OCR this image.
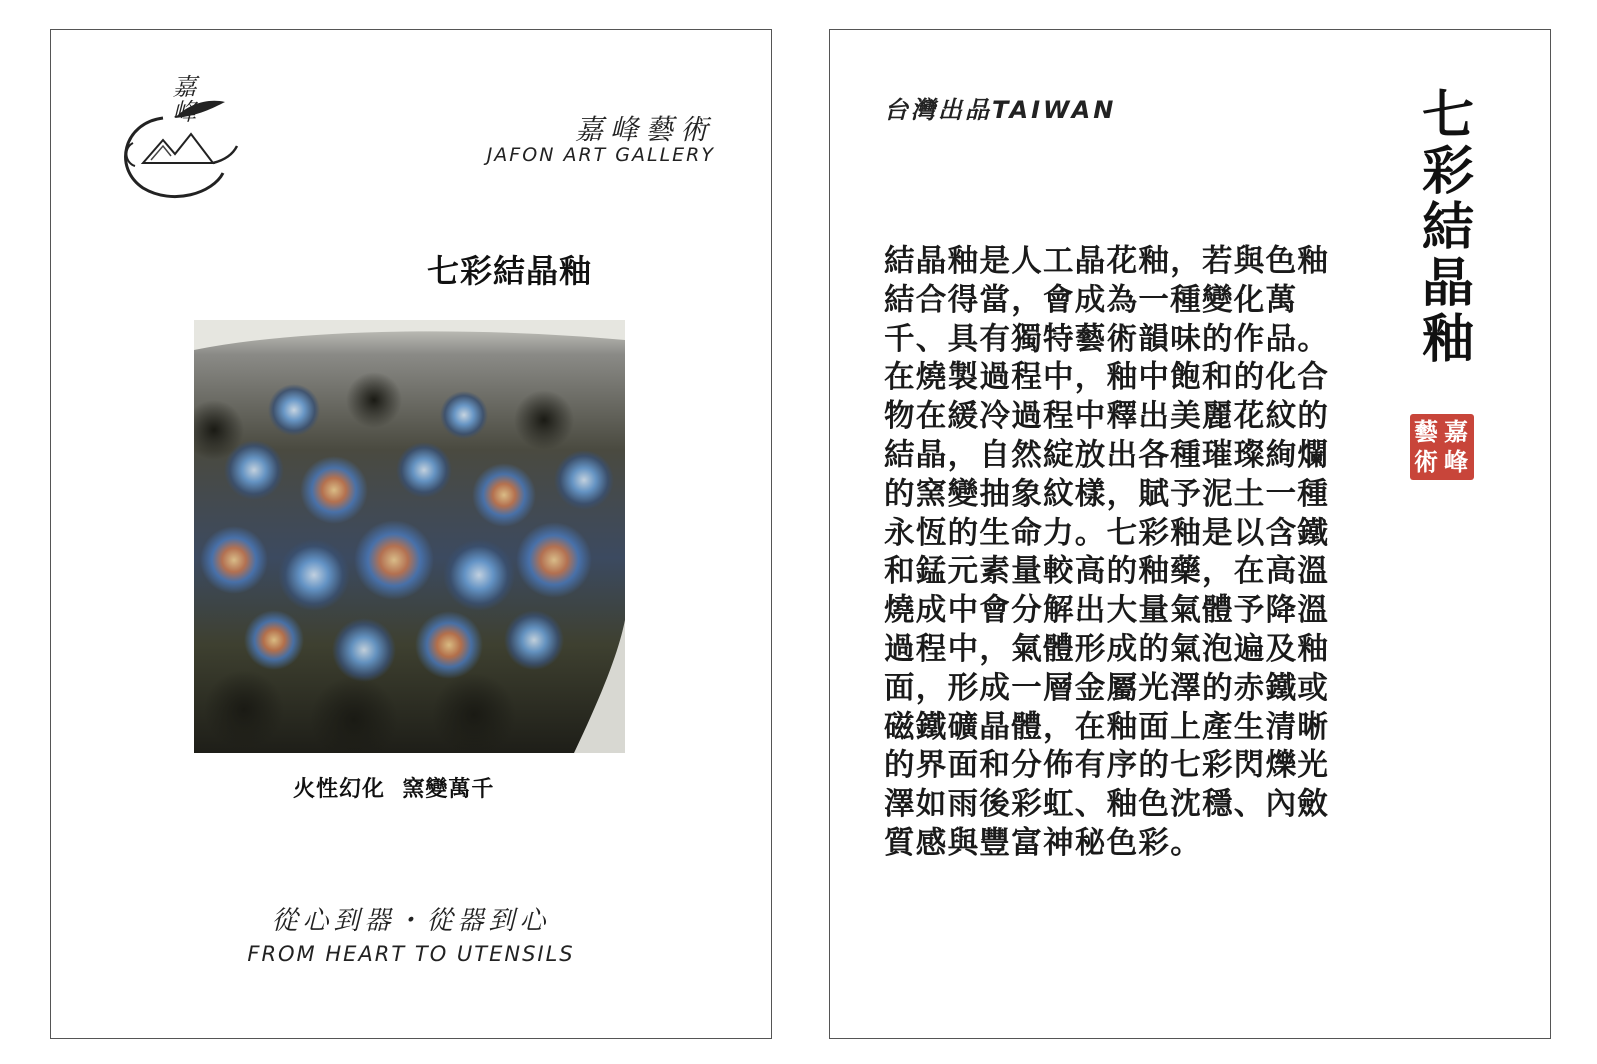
嘉峰
嘉峰藝術
JAFON ART GALLERY
七彩結晶釉
火性幻化  窯變萬千
從心到器・從器到心
FROM HEART TO UTENSILS
台灣出品TAIWAN	七彩結晶釉
嘉
峰
藝
術
結晶釉是人工晶花釉，若與色釉結合得當，會成為一種變化萬千、具有獨特藝術韻味的作品。在燒製過程中，釉中飽和的化合物在緩冷過程中釋出美麗花紋的結晶，自然綻放出各種璀璨絢爛的窯變抽象紋樣，賦予泥土一種永恆的生命力。七彩釉是以含鐵和錳元素量較高的釉藥，在高溫燒成中會分解出大量氣體予降溫過程中，氣體形成的氣泡遍及釉面，形成一層金屬光澤的赤鐵或磁鐵礦晶體，在釉面上產生清晰的界面和分佈有序的七彩閃爍光澤如雨後彩虹、釉色沈穩、內斂質感與豐富神秘色彩。
